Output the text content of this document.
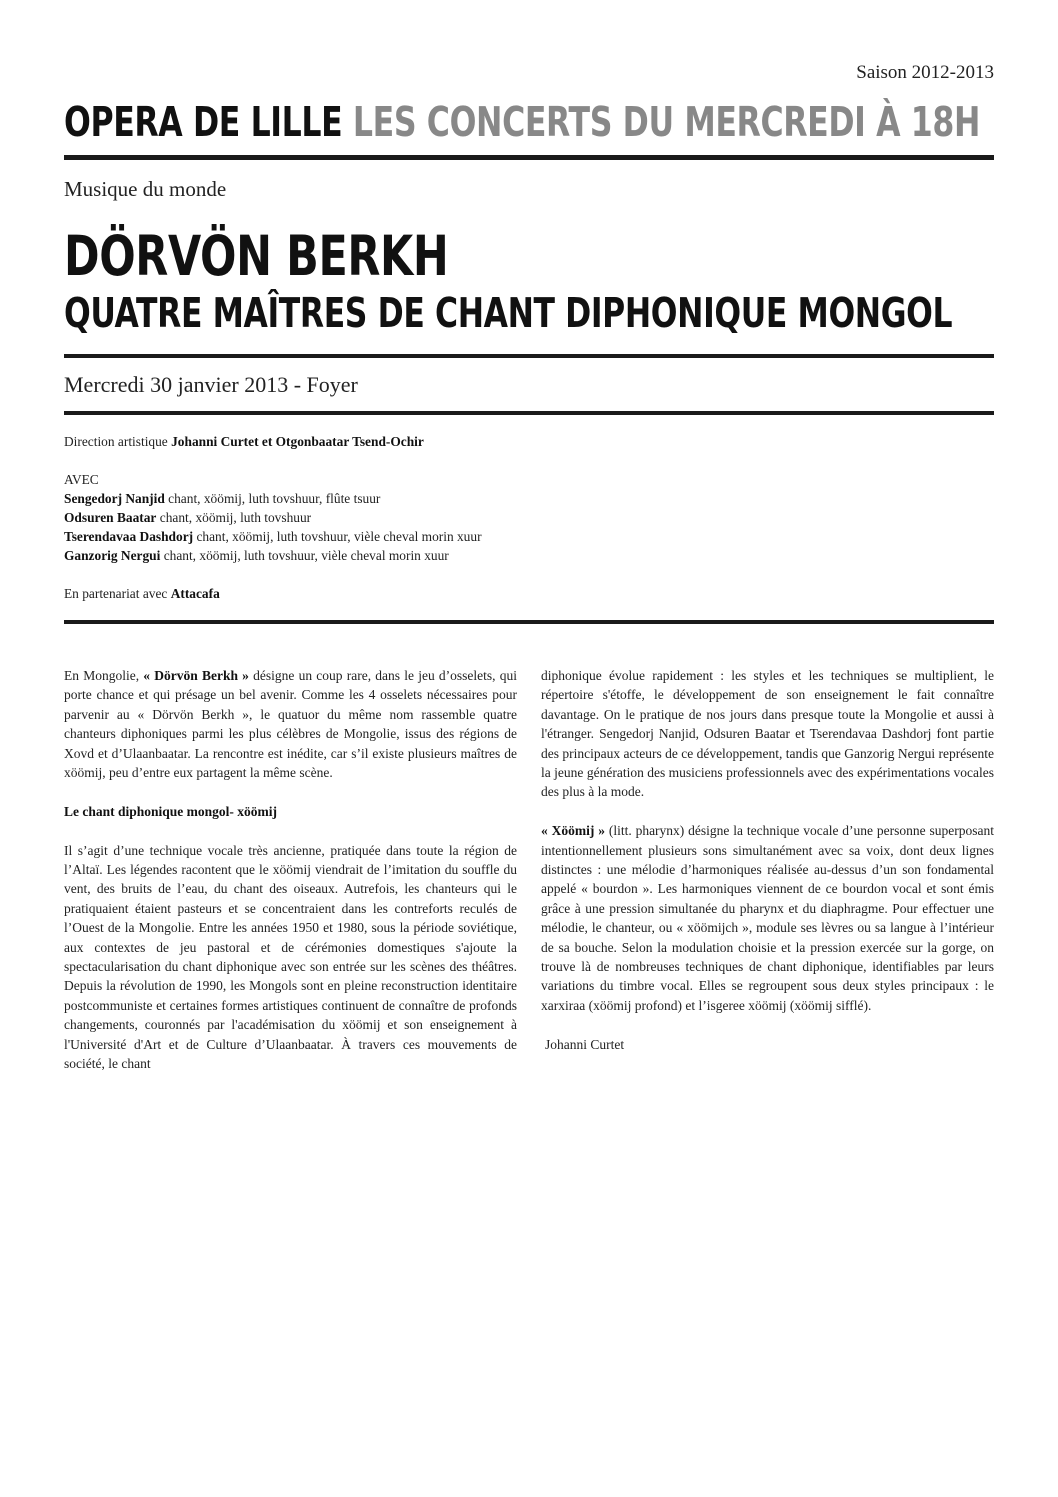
Saison 2012-2013
OPERA DE LILLE LES CONCERTS DU MERCREDI À 18H
Musique du monde
DÖRVÖN BERKH
QUATRE MAÎTRES DE CHANT DIPHONIQUE MONGOL
Mercredi 30 janvier 2013 - Foyer

Direction artistique Johanni Curtet et Otgonbaatar Tsend-Ochir

AVEC

Sengedorj Nanjid chant, xöömij, luth tovshuur, flûte tsuur

Odsuren Baatar chant, xöömij, luth tovshuur

Tserendavaa Dashdorj chant, xöömij, luth tovshuur, vièle cheval morin xuur

Ganzorig Nergui chant, xöömij, luth tovshuur, vièle cheval morin xuur

En partenariat avec Attacafa

En Mongolie, « Dörvön Berkh » désigne un coup rare, dans le jeu d’osselets, qui porte chance et qui présage un bel avenir. Comme les 4 osselets nécessaires pour parvenir au « Dörvön Berkh », le quatuor du même nom rassemble quatre chanteurs diphoniques parmi les plus célèbres de Mongolie, issus des régions de Xovd et d’Ulaanbaatar. La rencontre est inédite, car s’il existe plusieurs maîtres de xöömij, peu d’entre eux partagent la même scène.

Le chant diphonique mongol- xöömij

Il s’agit d’une technique vocale très ancienne, pratiquée dans toute la région de l’Altaï. Les légendes racontent que le xöömij viendrait de l’imitation du souffle du vent, des bruits de l’eau, du chant des oiseaux. Autrefois, les chanteurs qui le pratiquaient étaient pasteurs et se concentraient dans les contreforts reculés de l’Ouest de la Mongolie. Entre les années 1950 et 1980, sous la période soviétique, aux contextes de jeu pastoral et de cérémonies domestiques s'ajoute la spectacularisation du chant diphonique avec son entrée sur les scènes des théâtres. Depuis la révolution de 1990, les Mongols sont en pleine reconstruction identitaire postcommuniste et certaines formes artistiques continuent de connaître de profonds changements, couronnés par l'académisation du xöömij et son enseignement à l'Université d'Art et de Culture d’Ulaanbaatar. À travers ces mouvements de société, le chant

diphonique évolue rapidement : les styles et les techniques se multiplient, le répertoire s'étoffe, le développement de son enseignement le fait connaître davantage. On le pratique de nos jours dans presque toute la Mongolie et aussi à l'étranger. Sengedorj Nanjid, Odsuren Baatar et Tserendavaa Dashdorj font partie des principaux acteurs de ce développement, tandis que Ganzorig Nergui représente la jeune génération des musiciens professionnels avec des expérimentations vocales des plus à la mode.

« Xöömij » (litt. pharynx) désigne la technique vocale d’une personne superposant intentionnellement plusieurs sons simultanément avec sa voix, dont deux lignes distinctes : une mélodie d’harmoniques réalisée au-dessus d’un son fondamental appelé « bourdon ». Les harmoniques viennent de ce bourdon vocal et sont émis grâce à une pression simultanée du pharynx et du diaphragme. Pour effectuer une mélodie, le chanteur, ou « xöömijch », module ses lèvres ou sa langue à l’intérieur de sa bouche. Selon la modulation choisie et la pression exercée sur la gorge, on trouve là de nombreuses techniques de chant diphonique, identifiables par leurs variations du timbre vocal. Elles se regroupent sous deux styles principaux : le xarxiraa (xöömij profond) et l’isgeree xöömij (xöömij sifflé).

Johanni Curtet
